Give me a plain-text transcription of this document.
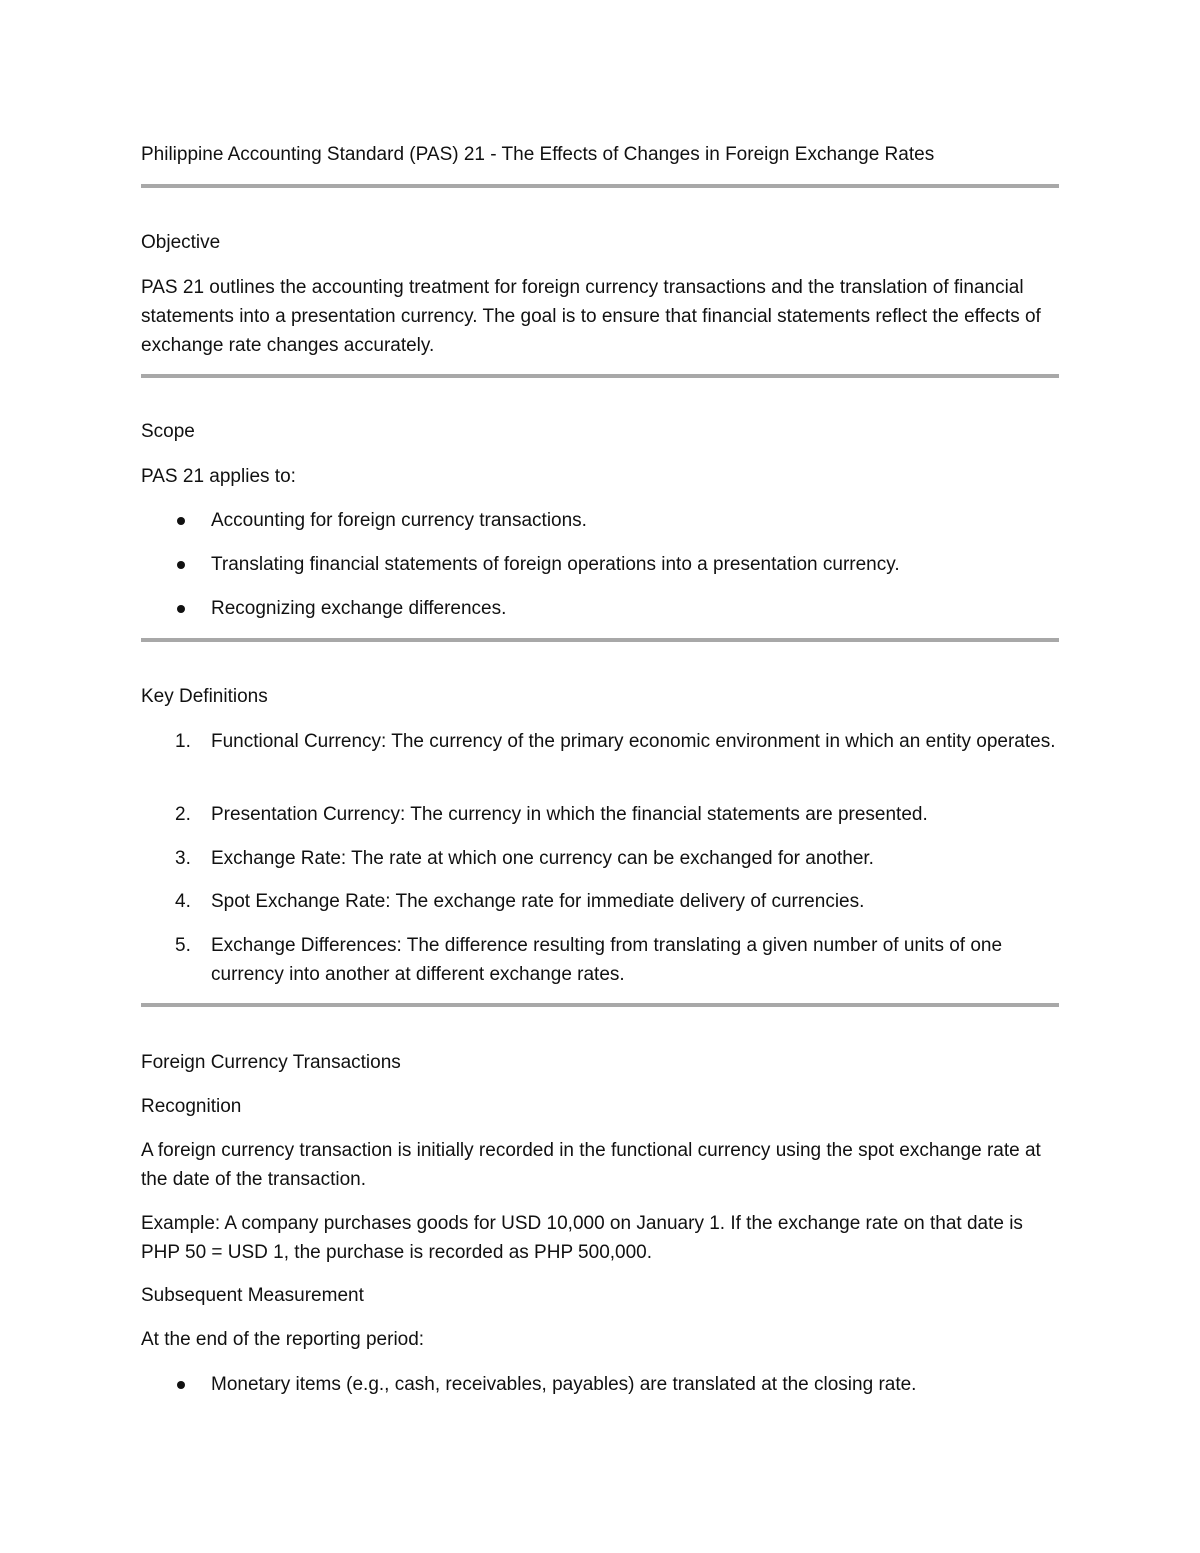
Philippine Accounting Standard (PAS) 21 - The Effects of Changes in Foreign Exchange Rates

Objective

PAS 21 outlines the accounting treatment for foreign currency transactions and the translation of financial statements into a presentation currency. The goal is to ensure that financial statements reflect the effects of exchange rate changes accurately.

Scope

PAS 21 applies to:

Accounting for foreign currency transactions.
Translating financial statements of foreign operations into a presentation currency.
Recognizing exchange differences.

Key Definitions

1. Functional Currency: The currency of the primary economic environment in which an entity operates.
2. Presentation Currency: The currency in which the financial statements are presented.
3. Exchange Rate: The rate at which one currency can be exchanged for another.
4. Spot Exchange Rate: The exchange rate for immediate delivery of currencies.
5. Exchange Differences: The difference resulting from translating a given number of units of one currency into another at different exchange rates.

Foreign Currency Transactions

Recognition

A foreign currency transaction is initially recorded in the functional currency using the spot exchange rate at the date of the transaction.

Example: A company purchases goods for USD 10,000 on January 1. If the exchange rate on that date is PHP 50 = USD 1, the purchase is recorded as PHP 500,000.

Subsequent Measurement

At the end of the reporting period:

Monetary items (e.g., cash, receivables, payables) are translated at the closing rate.
